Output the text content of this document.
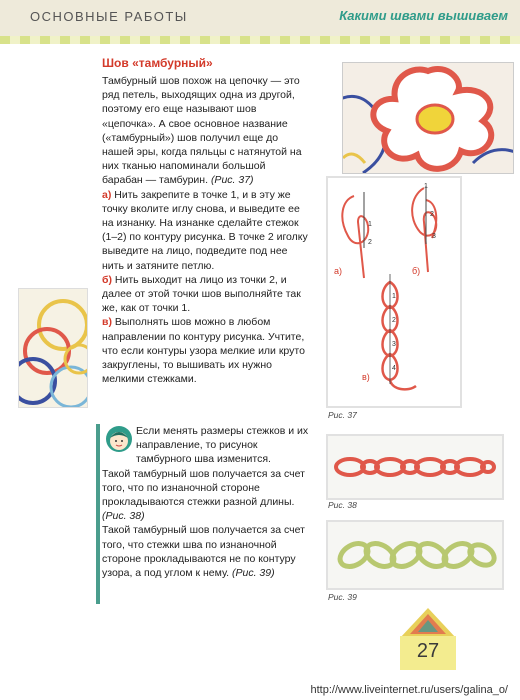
ОСНОВНЫЕ РАБОТЫ	Какими швами вышиваем
Шов «тамбурный»

Тамбурный шов похож на цепочку — это ряд петель, выходящих одна из другой, поэтому его еще называют шов «цепочка». А свое основное название («тамбурный») шов получил еще до нашей эры, когда пяльцы с натянутой на них тканью напоминали большой барабан — тамбурин. (Рис. 37)

а) Нить закрепите в точке 1, и в эту же точку вколите иглу снова, и выведите ее на изнанку. На изнанке сделайте стежок (1–2) по контуру рисунка. В точке 2 иголку выведите на лицо, подведите под нее нить и затяните петлю.

б) Нить выходит на лицо из точки 2, и далее от этой точки шов выполняйте так же, как от точки 1.

в) Выполнять шов можно в любом направлении по контуру рисунка. Учтите, что если контуры узора мелкие или круто закруглены, то вышивать их нужно мелкими стежками.

Если менять размеры стежков и их направление, то рисунок тамбурного шва изменится.

Такой тамбурный шов получается за счет того, что по изнаночной стороне прокладываются стежки разной длины. (Рис. 38)

Такой тамбурный шов получается за счет того, что стежки шва по изнаночной стороне прокладываются не по контуру узора, а под углом к нему. (Рис. 39)

а)	б)
в)
1
2
1
2
3
1
2
3
4
Рис. 37
Рис. 38
Рис. 39
27
http://www.liveinternet.ru/users/galina_o/
